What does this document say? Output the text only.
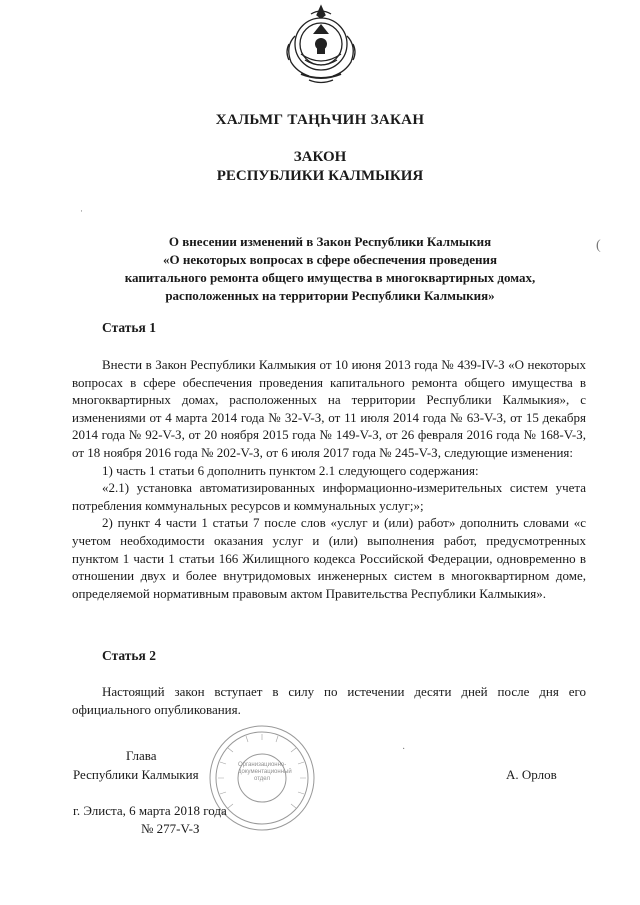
ХАЛЬМГ ТАҢҺЧИН ЗАКАН
ЗАКОН
РЕСПУБЛИКИ КАЛМЫКИЯ
О внесении изменений в Закон Республики Калмыкия
«О некоторых вопросах в сфере обеспечения проведения
капитального ремонта общего имущества в многоквартирных домах,
расположенных на территории Республики Калмыкия»
Статья 1

Внести в Закон Республики Калмыкия от 10 июня 2013 года № 439-IV-З «О некоторых вопросах в сфере обеспечения проведения капитального ремонта общего имущества в многоквартирных домах, расположенных на территории Республики Калмыкия», с изменениями от 4 марта 2014 года № 32-V-З, от 11 июля 2014 года № 63-V-З, от 15 декабря 2014 года № 92-V-З, от 20 ноября 2015 года № 149-V-З, от 26 февраля 2016 года № 168-V-З, от 18 ноября 2016 года № 202-V-З, от 6 июля 2017 года № 245-V-З, следующие изменения:

1) часть 1 статьи 6 дополнить пунктом 2.1 следующего содержания:

«2.1) установка автоматизированных информационно-измерительных систем учета потребления коммунальных ресурсов и коммунальных услуг;»;

2) пункт 4 части 1 статьи 7 после слов «услуг и (или) работ» дополнить словами «с учетом необходимости оказания услуг и (или) выполнения работ, предусмотренных пунктом 1 части 1 статьи 166 Жилищного кодекса Российской Федерации, одновременно в отношении двух и более внутридомовых инженерных систем в многоквартирном доме, определяемой нормативным правовым актом Правительства Республики Калмыкия».

Статья 2

Настоящий закон вступает в силу по истечении десяти дней после дня его официального опубликования.

Организационно-документационный отдел
Глава
Республики Калмыкия	А. Орлов
г. Элиста, 6 марта 2018 года
№ 277-V-З
(
·
·
